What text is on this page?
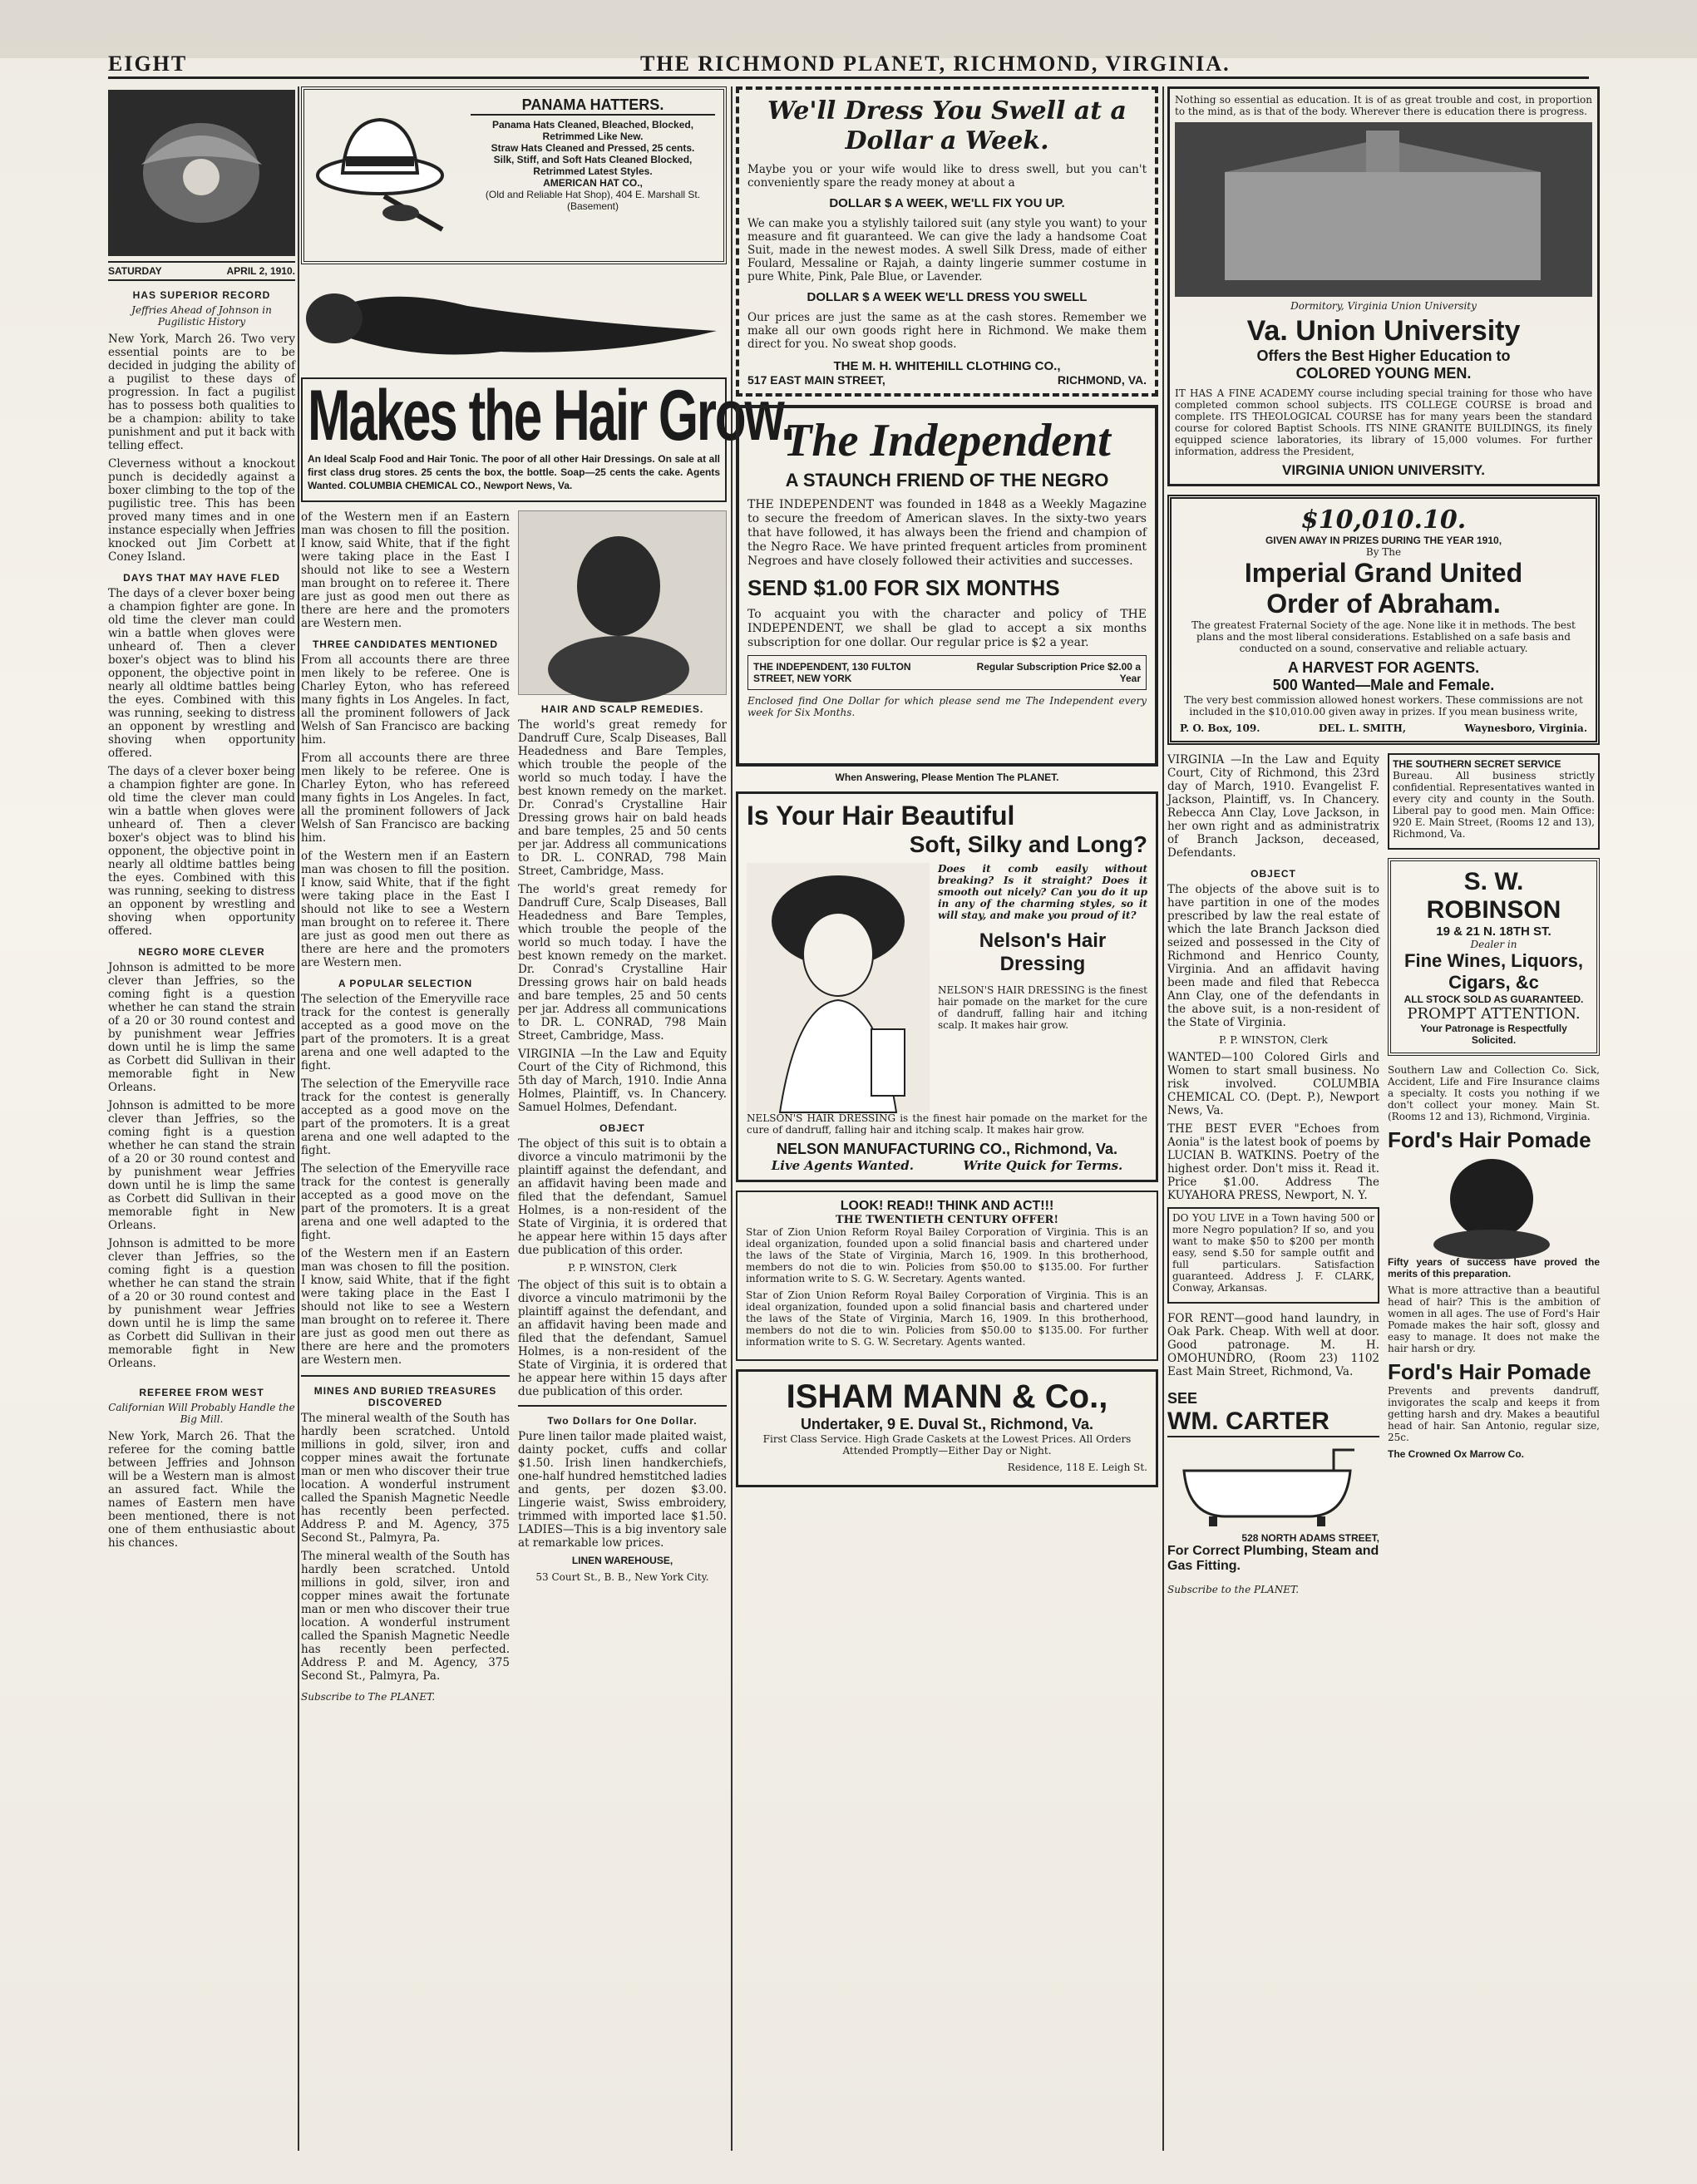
EIGHT	THE RICHMOND PLANET, RICHMOND, VIRGINIA.
SATURDAY	APRIL 2, 1910.
HAS SUPERIOR RECORD
Jeffries Ahead of Johnson in Pugilistic History

New York, March 26. Two very essential points are to be decided in judging the ability of a pugilist to these days of progression. In fact a pugilist has to possess both qualities to be a champion: ability to take punishment and put it back with telling effect.

Cleverness without a knockout punch is decidedly against a boxer climbing to the top of the pugilistic tree. This has been proved many times and in one instance especially when Jeffries knocked out Jim Corbett at Coney Island.

DAYS THAT MAY HAVE FLED

The days of a clever boxer being a champion fighter are gone. In old time the clever man could win a battle when gloves were unheard of. Then a clever boxer's object was to blind his opponent, the objective point in nearly all oldtime battles being the eyes. Combined with this was running, seeking to distress an opponent by wrestling and shoving when opportunity offered.

The days of a clever boxer being a champion fighter are gone. In old time the clever man could win a battle when gloves were unheard of. Then a clever boxer's object was to blind his opponent, the objective point in nearly all oldtime battles being the eyes. Combined with this was running, seeking to distress an opponent by wrestling and shoving when opportunity offered.

NEGRO MORE CLEVER

Johnson is admitted to be more clever than Jeffries, so the coming fight is a question whether he can stand the strain of a 20 or 30 round contest and by punishment wear Jeffries down until he is limp the same as Corbett did Sullivan in their memorable fight in New Orleans.

Johnson is admitted to be more clever than Jeffries, so the coming fight is a question whether he can stand the strain of a 20 or 30 round contest and by punishment wear Jeffries down until he is limp the same as Corbett did Sullivan in their memorable fight in New Orleans.

Johnson is admitted to be more clever than Jeffries, so the coming fight is a question whether he can stand the strain of a 20 or 30 round contest and by punishment wear Jeffries down until he is limp the same as Corbett did Sullivan in their memorable fight in New Orleans.

REFEREE FROM WEST
Californian Will Probably Handle the Big Mill.

New York, March 26. That the referee for the coming battle between Jeffries and Johnson will be a Western man is almost an assured fact. While the names of Eastern men have been mentioned, there is not one of them enthusiastic about his chances.

PANAMA HATTERS.
Panama Hats Cleaned, Bleached, Blocked, Retrimmed Like New.
Straw Hats Cleaned and Pressed, 25 cents.
Silk, Stiff, and Soft Hats Cleaned Blocked, Retrimmed Latest Styles.
AMERICAN HAT CO.,
(Old and Reliable Hat Shop), 404 E. Marshall St. (Basement)
Makes the Hair Grow.

An Ideal Scalp Food and Hair Tonic. The poor of all other Hair Dressings. On sale at all first class drug stores. 25 cents the box, the bottle. Soap—25 cents the cake. Agents Wanted. COLUMBIA CHEMICAL CO., Newport News, Va.

of the Western men if an Eastern man was chosen to fill the position. I know, said White, that if the fight were taking place in the East I should not like to see a Western man brought on to referee it. There are just as good men out there as there are here and the promoters are Western men.

THREE CANDIDATES MENTIONED

From all accounts there are three men likely to be referee. One is Charley Eyton, who has refereed many fights in Los Angeles. In fact, all the prominent followers of Jack Welsh of San Francisco are backing him.

From all accounts there are three men likely to be referee. One is Charley Eyton, who has refereed many fights in Los Angeles. In fact, all the prominent followers of Jack Welsh of San Francisco are backing him.

of the Western men if an Eastern man was chosen to fill the position. I know, said White, that if the fight were taking place in the East I should not like to see a Western man brought on to referee it. There are just as good men out there as there are here and the promoters are Western men.

A POPULAR SELECTION

The selection of the Emeryville race track for the contest is generally accepted as a good move on the part of the promoters. It is a great arena and one well adapted to the fight.

The selection of the Emeryville race track for the contest is generally accepted as a good move on the part of the promoters. It is a great arena and one well adapted to the fight.

The selection of the Emeryville race track for the contest is generally accepted as a good move on the part of the promoters. It is a great arena and one well adapted to the fight.

of the Western men if an Eastern man was chosen to fill the position. I know, said White, that if the fight were taking place in the East I should not like to see a Western man brought on to referee it. There are just as good men out there as there are here and the promoters are Western men.

MINES AND BURIED TREASURES DISCOVERED

The mineral wealth of the South has hardly been scratched. Untold millions in gold, silver, iron and copper mines await the fortunate man or men who discover their true location. A wonderful instrument called the Spanish Magnetic Needle has recently been perfected. Address P. and M. Agency, 375 Second St., Palmyra, Pa.

The mineral wealth of the South has hardly been scratched. Untold millions in gold, silver, iron and copper mines await the fortunate man or men who discover their true location. A wonderful instrument called the Spanish Magnetic Needle has recently been perfected. Address P. and M. Agency, 375 Second St., Palmyra, Pa.

Subscribe to The PLANET.

HAIR AND SCALP REMEDIES.

The world's great remedy for Dandruff Cure, Scalp Diseases, Ball Headedness and Bare Temples, which trouble the people of the world so much today. I have the best known remedy on the market. Dr. Conrad's Crystalline Hair Dressing grows hair on bald heads and bare temples, 25 and 50 cents per jar. Address all communications to DR. L. CONRAD, 798 Main Street, Cambridge, Mass.

The world's great remedy for Dandruff Cure, Scalp Diseases, Ball Headedness and Bare Temples, which trouble the people of the world so much today. I have the best known remedy on the market. Dr. Conrad's Crystalline Hair Dressing grows hair on bald heads and bare temples, 25 and 50 cents per jar. Address all communications to DR. L. CONRAD, 798 Main Street, Cambridge, Mass.

VIRGINIA —In the Law and Equity Court of the City of Richmond, this 5th day of March, 1910. Indie Anna Holmes, Plaintiff, vs. In Chancery. Samuel Holmes, Defendant.

OBJECT

The object of this suit is to obtain a divorce a vinculo matrimonii by the plaintiff against the defendant, and an affidavit having been made and filed that the defendant, Samuel Holmes, is a non-resident of the State of Virginia, it is ordered that he appear here within 15 days after due publication of this order.

P. P. WINSTON, Clerk

The object of this suit is to obtain a divorce a vinculo matrimonii by the plaintiff against the defendant, and an affidavit having been made and filed that the defendant, Samuel Holmes, is a non-resident of the State of Virginia, it is ordered that he appear here within 15 days after due publication of this order.

Two Dollars for One Dollar.

Pure linen tailor made plaited waist, dainty pocket, cuffs and collar $1.50. Irish linen handkerchiefs, one-half hundred hemstitched ladies and gents, per dozen $3.00. Lingerie waist, Swiss embroidery, trimmed with imported lace $1.50. LADIES—This is a big inventory sale at remarkable low prices.

LINEN WAREHOUSE,

53 Court St., B. B., New York City.

We'll Dress You Swell at a
Dollar a Week.

Maybe you or your wife would like to dress swell, but you can't conveniently spare the ready money at about a

DOLLAR $ A WEEK, WE'LL FIX YOU UP.

We can make you a stylishly tailored suit (any style you want) to your measure and fit guaranteed. We can give the lady a handsome Coat Suit, made in the newest modes. A swell Silk Dress, made of either Foulard, Messaline or Rajah, a dainty lingerie summer costume in pure White, Pink, Pale Blue, or Lavender.

DOLLAR $ A WEEK WE'LL DRESS YOU SWELL

Our prices are just the same as at the cash stores. Remember we make all our own goods right here in Richmond. We make them direct for you. No sweat shop goods.

THE M. H. WHITEHILL CLOTHING CO.,
517 EAST MAIN STREET,	RICHMOND, VA.
The Independent
A STAUNCH FRIEND OF THE NEGRO

THE INDEPENDENT was founded in 1848 as a Weekly Magazine to secure the freedom of American slaves. In the sixty-two years that have followed, it has always been the friend and champion of the Negro Race. We have printed frequent articles from prominent Negroes and have closely followed their activities and successes.

SEND $1.00 FOR SIX MONTHS

To acquaint you with the character and policy of THE INDEPENDENT, we shall be glad to accept a six months subscription for one dollar. Our regular price is $2 a year.

THE INDEPENDENT, 130 FULTON STREET, NEW YORK
Regular Subscription Price $2.00 a Year

Enclosed find One Dollar for which please send me The Independent every week for Six Months.

When Answering, Please Mention The PLANET.
Is Your Hair Beautiful
Soft, Silky and Long?

Does it comb easily without breaking? Is it straight? Does it smooth out nicely? Can you do it up in any of the charming styles, so it will stay, and make you proud of it?

Nelson's Hair Dressing

NELSON'S HAIR DRESSING is the finest hair pomade on the market for the cure of dandruff, falling hair and itching scalp. It makes hair grow.

NELSON'S HAIR DRESSING is the finest hair pomade on the market for the cure of dandruff, falling hair and itching scalp. It makes hair grow.

NELSON MANUFACTURING CO., Richmond, Va.
Live Agents Wanted.	Write Quick for Terms.
LOOK! READ!! THINK AND ACT!!!
THE TWENTIETH CENTURY OFFER!

Star of Zion Union Reform Royal Bailey Corporation of Virginia. This is an ideal organization, founded upon a solid financial basis and chartered under the laws of the State of Virginia, March 16, 1909. In this brotherhood, members do not die to win. Policies from $50.00 to $135.00. For further information write to S. G. W. Secretary. Agents wanted.

Star of Zion Union Reform Royal Bailey Corporation of Virginia. This is an ideal organization, founded upon a solid financial basis and chartered under the laws of the State of Virginia, March 16, 1909. In this brotherhood, members do not die to win. Policies from $50.00 to $135.00. For further information write to S. G. W. Secretary. Agents wanted.

ISHAM MANN & Co.,
Undertaker, 9 E. Duval St., Richmond, Va.

First Class Service. High Grade Caskets at the Lowest Prices. All Orders Attended Promptly—Either Day or Night.

Residence, 118 E. Leigh St.

Nothing so essential as education. It is of as great trouble and cost, in proportion to the mind, as is that of the body. Wherever there is education there is progress.

Dormitory, Virginia Union University
Va. Union University
Offers the Best Higher Education to
COLORED YOUNG MEN.

IT HAS A FINE ACADEMY course including special training for those who have completed common school subjects. ITS COLLEGE COURSE is broad and complete. ITS THEOLOGICAL COURSE has for many years been the standard course for colored Baptist Schools. ITS NINE GRANITE BUILDINGS, its finely equipped science laboratories, its library of 15,000 volumes. For further information, address the President,

VIRGINIA UNION UNIVERSITY.
$10,010.10.
GIVEN AWAY IN PRIZES DURING THE YEAR 1910,
By The
Imperial Grand United
Order of Abraham.

The greatest Fraternal Society of the age. None like it in methods. The best plans and the most liberal considerations. Established on a safe basis and conducted on a sound, conservative and reliable actuary.

A HARVEST FOR AGENTS.
500 Wanted—Male and Female.

The very best commission allowed honest workers. These commissions are not included in the $10,010.00 given away in prizes. If you mean business write,

P. O. Box, 109.	DEL. L. SMITH,	Waynesboro, Virginia.

VIRGINIA —In the Law and Equity Court, City of Richmond, this 23rd day of March, 1910. Evangelist F. Jackson, Plaintiff, vs. In Chancery. Rebecca Ann Clay, Love Jackson, in her own right and as administratrix of Branch Jackson, deceased, Defendants.

OBJECT

The objects of the above suit is to have partition in one of the modes prescribed by law the real estate of which the late Branch Jackson died seized and possessed in the City of Richmond and Henrico County, Virginia. And an affidavit having been made and filed that Rebecca Ann Clay, one of the defendants in the above suit, is a non-resident of the State of Virginia.

P. P. WINSTON, Clerk

WANTED—100 Colored Girls and Women to start small business. No risk involved. COLUMBIA CHEMICAL CO. (Dept. P.), Newport News, Va.

THE BEST EVER "Echoes from Aonia" is the latest book of poems by LUCIAN B. WATKINS. Poetry of the highest order. Don't miss it. Read it. Price $1.00. Address The KUYAHORA PRESS, Newport, N. Y.

DO YOU LIVE in a Town having 500 or more Negro population? If so, and you want to make $50 to $200 per month easy, send $.50 for sample outfit and full particulars. Satisfaction guaranteed. Address J. F. CLARK, Conway, Arkansas.

FOR RENT—good hand laundry, in Oak Park. Cheap. With well at door. Good patronage. M. H. OMOHUNDRO, (Room 23) 1102 East Main Street, Richmond, Va.

SEE
WM. CARTER
528 NORTH ADAMS STREET,
For Correct Plumbing, Steam and Gas Fitting.

Subscribe to the PLANET.

THE SOUTHERN SECRET SERVICE

Bureau. All business strictly confidential. Representatives wanted in every city and county in the South. Liberal pay to good men. Main Office: 920 E. Main Street, (Rooms 12 and 13), Richmond, Va.

S. W. ROBINSON
19 & 21 N. 18TH ST.
Dealer in
Fine Wines, Liquors, Cigars, &c
ALL STOCK SOLD AS GUARANTEED.
PROMPT ATTENTION.
Your Patronage is Respectfully Solicited.

Southern Law and Collection Co. Sick, Accident, Life and Fire Insurance claims a specialty. It costs you nothing if we don't collect your money. Main St. (Rooms 12 and 13), Richmond, Virginia.

Ford's Hair Pomade

Fifty years of success have proved the merits of this preparation.

What is more attractive than a beautiful head of hair? This is the ambition of women in all ages. The use of Ford's Hair Pomade makes the hair soft, glossy and easy to manage. It does not make the hair harsh or dry.

Ford's Hair Pomade

Prevents and prevents dandruff, invigorates the scalp and keeps it from getting harsh and dry. Makes a beautiful head of hair. San Antonio, regular size, 25c.

The Crowned Ox Marrow Co.
